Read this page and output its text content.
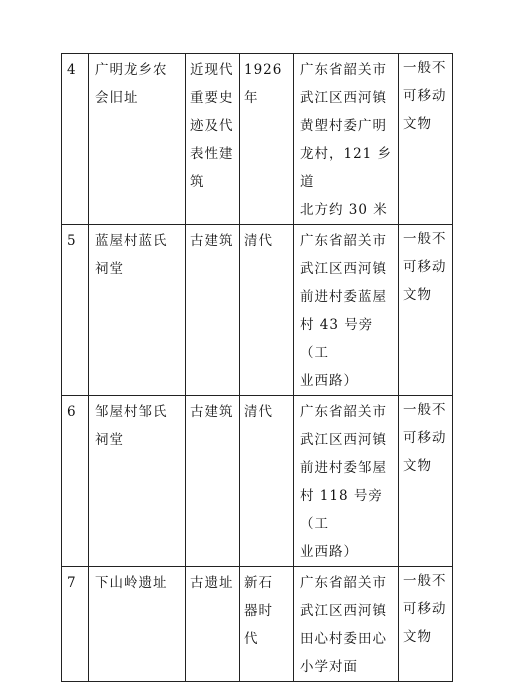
4	广明龙乡农
会旧址	近现代
重要史
迹及代
表性建
筑	1926
年	广东省韶关市
武江区西河镇
黄塱村委广明
龙村，121 乡道
北方约 30 米	一般不
可移动
文物

5	蓝屋村蓝氏
祠堂	古建筑	清代	广东省韶关市
武江区西河镇
前进村委蓝屋
村 43 号旁（工
业西路）	一般不
可移动
文物

6	邹屋村邹氏
祠堂	古建筑	清代	广东省韶关市
武江区西河镇
前进村委邹屋
村 118 号旁（工
业西路）	一般不
可移动
文物

7	下山岭遗址	古遗址	新石
器时
代	广东省韶关市
武江区西河镇
田心村委田心
小学对面	一般不
可移动
文物
